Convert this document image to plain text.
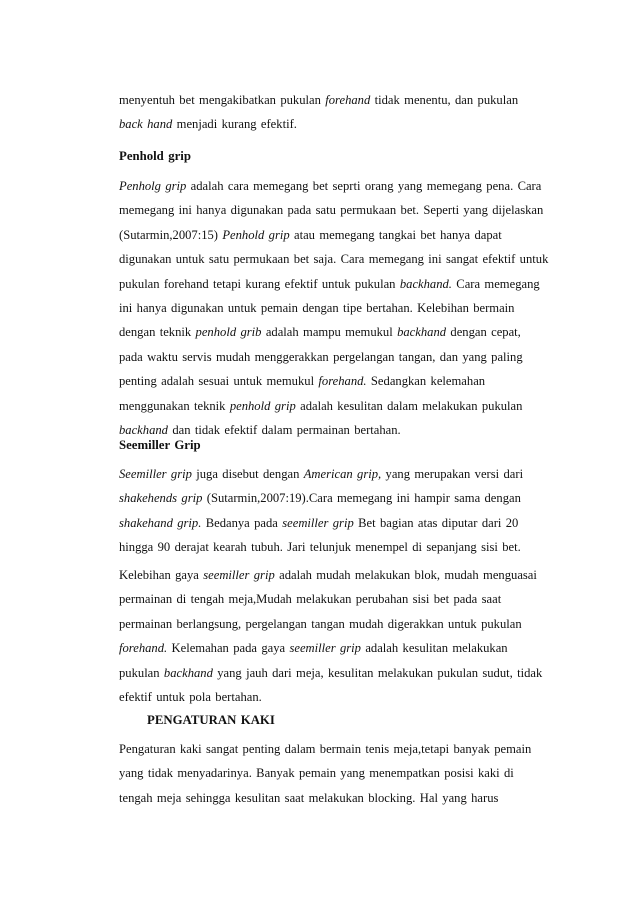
menyentuh bet mengakibatkan pukulan forehand tidak menentu, dan pukulan
back hand menjadi kurang efektif.
Penhold grip
Penholg grip adalah cara memegang bet seprti orang yang memegang pena. Cara
memegang ini hanya digunakan pada satu permukaan bet. Seperti yang dijelaskan
(Sutarmin,2007:15) Penhold grip atau memegang tangkai bet hanya dapat
digunakan untuk satu permukaan bet saja. Cara memegang ini sangat efektif untuk
pukulan forehand tetapi kurang efektif untuk pukulan backhand. Cara memegang
ini hanya digunakan untuk pemain dengan tipe bertahan. Kelebihan bermain
dengan teknik penhold grib adalah mampu memukul backhand dengan cepat,
pada waktu servis mudah menggerakkan pergelangan tangan, dan yang paling
penting adalah sesuai untuk memukul forehand. Sedangkan kelemahan
menggunakan teknik penhold grip adalah kesulitan dalam melakukan pukulan
backhand dan tidak efektif dalam permainan bertahan.
Seemiller Grip
Seemiller grip juga disebut dengan American grip, yang merupakan versi dari
shakehends grip (Sutarmin,2007:19).Cara memegang ini hampir sama dengan
shakehand grip. Bedanya pada seemiller grip Bet bagian atas diputar dari 20
hingga 90 derajat kearah tubuh. Jari telunjuk menempel di sepanjang sisi bet.
Kelebihan gaya seemiller grip adalah mudah melakukan blok, mudah menguasai
permainan di tengah meja,Mudah melakukan perubahan sisi bet pada saat
permainan berlangsung, pergelangan tangan mudah digerakkan untuk pukulan
forehand. Kelemahan pada gaya seemiller grip adalah kesulitan melakukan
pukulan backhand yang jauh dari meja, kesulitan melakukan pukulan sudut, tidak
efektif untuk pola bertahan.
PENGATURAN KAKI
Pengaturan kaki sangat penting dalam bermain tenis meja,tetapi banyak pemain
yang tidak menyadarinya. Banyak pemain yang menempatkan posisi kaki di
tengah meja sehingga kesulitan saat melakukan blocking. Hal yang harus
